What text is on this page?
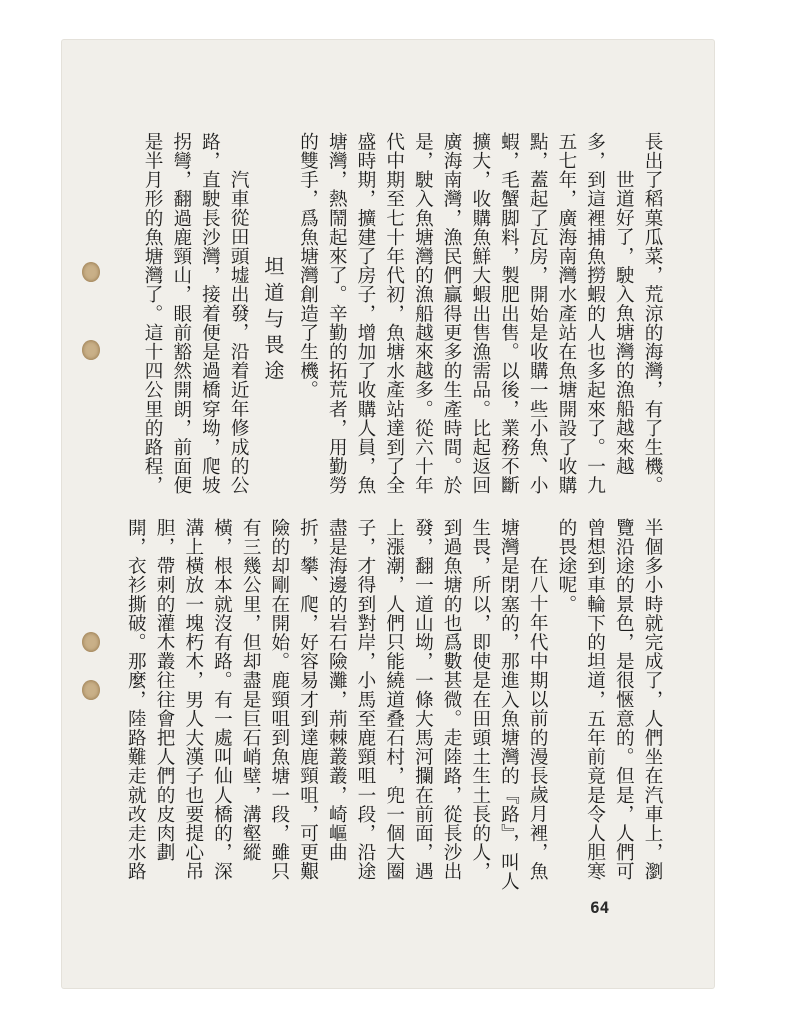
長出了稻菓瓜菜，荒涼的海灣，有了生機。
世道好了，駛入魚塘灣的漁船越來越
多，到這裡捕魚撈蝦的人也多起來了。一九
五七年，廣海南灣水產站在魚塘開設了收購
點，蓋起了瓦房，開始是收購一些小魚、小
蝦，毛蟹脚料，製肥出售。以後，業務不斷
擴大，收購魚鮮大蝦出售漁需品。比起返回
廣海南灣，漁民們贏得更多的生產時間。於
是，駛入魚塘灣的漁船越來越多。從六十年
代中期至七十年代初，魚塘水產站達到了全
盛時期，擴建了房子，增加了收購人員，魚
塘灣，熱鬧起來了。辛勤的拓荒者，用勤勞
的雙手，爲魚塘灣創造了生機。
坦道与畏途
汽車從田頭墟出發，沿着近年修成的公
路，直駛長沙灣，接着便是過橋穿坳，爬坡
拐彎，翻過鹿頸山，眼前豁然開朗，前面便
是半月形的魚塘灣了。這十四公里的路程，
半個多小時就完成了，人們坐在汽車上，瀏
覽沿途的景色，是很愜意的。但是，人們可
曾想到車輪下的坦道，五年前竟是令人胆寒
的畏途呢。
在八十年代中期以前的漫長歲月裡，魚
塘灣是閉塞的，那進入魚塘灣的『路』，叫人
生畏，所以，即使是在田頭土生土長的人，
到過魚塘的也爲數甚微。走陸路，從長沙出
發，翻一道山坳，一條大馬河攔在前面，遇
上漲潮，人們只能繞道叠石村，兜一個大圈
子，才得到對岸，小馬至鹿頸咀一段，沿途
盡是海邊的岩石險灘，荊棘叢叢，崎嶇曲
折，攀、爬，好容易才到達鹿頸咀，可更艱
險的却剛在開始。鹿頸咀到魚塘一段，雖只
有三幾公里，但却盡是巨石峭壁，溝壑縱
橫，根本就沒有路。有一處叫仙人橋的，深
溝上橫放一塊朽木，男人大漢子也要提心吊
胆，帶刺的灌木叢往往會把人們的皮肉劃
開，衣衫撕破。那麼，陸路難走就改走水路
64
